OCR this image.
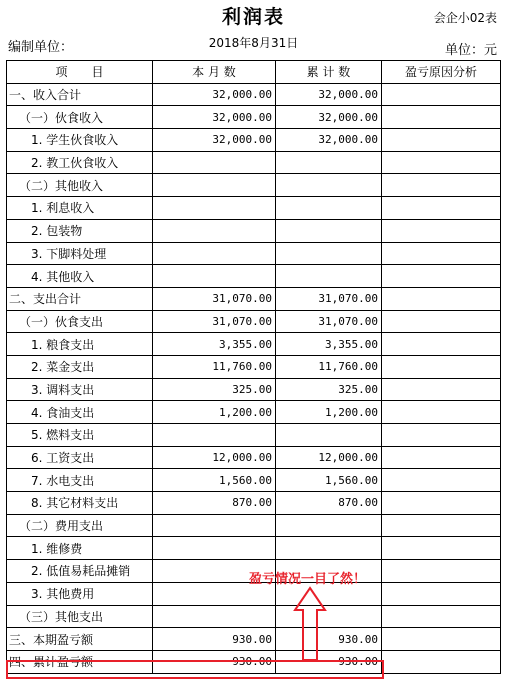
利润表	会企小02表
编制单位：	2018年8月31日	单位：元
项　　目	本 月 数	累 计 数	盈亏原因分析
一、收入合计	32,000.00	32,000.00	
（一）伙食收入	32,000.00	32,000.00	
1. 学生伙食收入	32,000.00	32,000.00	
2. 教工伙食收入			
（二）其他收入			
1. 利息收入			
2. 包装物			
3. 下脚料处理			
4. 其他收入			
二、支出合计	31,070.00	31,070.00	
（一）伙食支出	31,070.00	31,070.00	
1. 粮食支出	3,355.00	3,355.00	
2. 菜金支出	11,760.00	11,760.00	
3. 调料支出	325.00	325.00	
4. 食油支出	1,200.00	1,200.00	
5. 燃料支出			
6. 工资支出	12,000.00	12,000.00	
7. 水电支出	1,560.00	1,560.00	
8. 其它材料支出	870.00	870.00	
（二）费用支出			
1. 维修费			
2. 低值易耗品摊销			
3. 其他费用			
（三）其他支出			
三、本期盈亏额	930.00	930.00	
四、累计盈亏额	930.00	930.00	
盈亏情况一目了然！
